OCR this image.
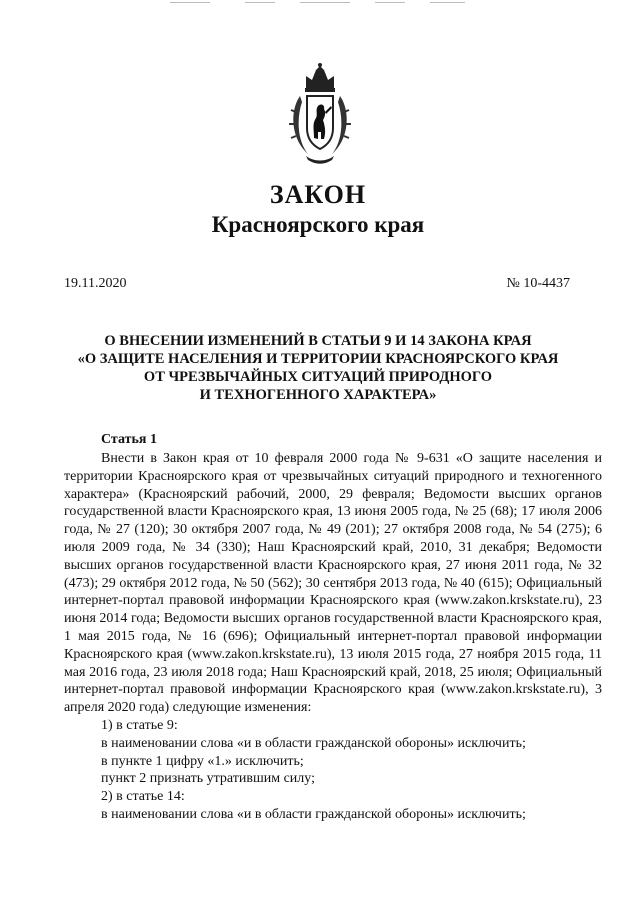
ЗАКОН
Красноярского края
19.11.2020	№ 10-4437
О ВНЕСЕНИИ ИЗМЕНЕНИЙ В СТАТЬИ 9 И 14 ЗАКОНА КРАЯ
«О ЗАЩИТЕ НАСЕЛЕНИЯ И ТЕРРИТОРИИ КРАСНОЯРСКОГО КРАЯ
ОТ ЧРЕЗВЫЧАЙНЫХ СИТУАЦИЙ ПРИРОДНОГО
И ТЕХНОГЕННОГО ХАРАКТЕРА»
Статья 1

Внести в Закон края от 10 февраля 2000 года № 9-631 «О защите населения и территории Красноярского края от чрезвычайных ситуаций природного и техногенного характера» (Красноярский рабочий, 2000, 29 февраля; Ведомости высших органов государственной власти Красноярского края, 13 июня 2005 года, № 25 (68); 17 июля 2006 года, № 27 (120); 30 октября 2007 года, № 49 (201); 27 октября 2008 года, № 54 (275); 6 июля 2009 года, № 34 (330); Наш Красноярский край, 2010, 31 декабря; Ведомости высших органов государственной власти Красноярского края, 27 июня 2011 года, № 32 (473); 29 октября 2012 года, № 50 (562); 30 сентября 2013 года, № 40 (615); Официальный интернет-портал правовой информации Красноярского края (www.zakon.krskstate.ru), 23 июня 2014 года; Ведомости высших органов государственной власти Красноярского края, 1 мая 2015 года, № 16 (696); Официальный интернет-портал правовой информации Красноярского края (www.zakon.krskstate.ru), 13 июля 2015 года, 27 ноября 2015 года, 11 мая 2016 года, 23 июля 2018 года; Наш Красноярский край, 2018, 25 июля; Официальный интернет-портал правовой информации Красноярского края (www.zakon.krskstate.ru), 3 апреля 2020 года) следующие изменения:

1) в статье 9:

в наименовании слова «и в области гражданской обороны» исключить;

в пункте 1 цифру «1.» исключить;

пункт 2 признать утратившим силу;

2) в статье 14:

в наименовании слова «и в области гражданской обороны» исключить;
